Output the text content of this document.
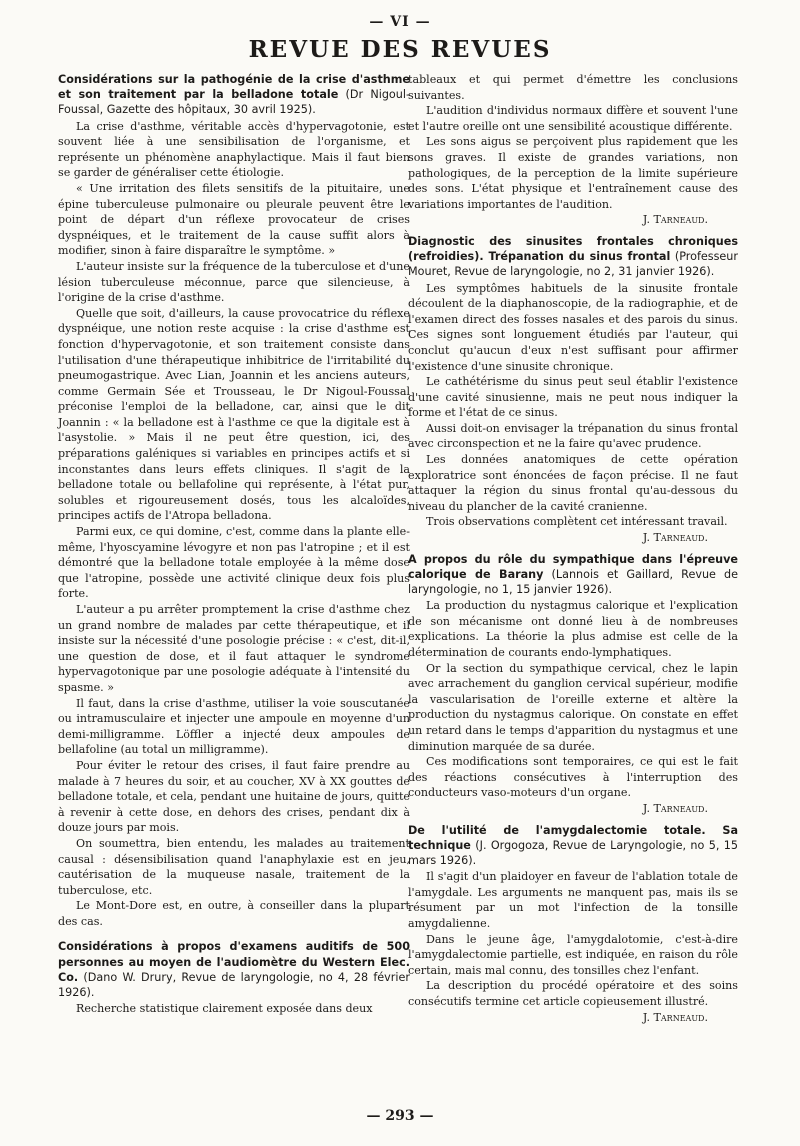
— VI —
REVUE DES REVUES

Considérations sur la pathogénie de la crise d'asthme et son traitement par la belladone totale (Dr Nigoul-Foussal, Gazette des hôpitaux, 30 avril 1925).

La crise d'asthme, véritable accès d'hypervagotonie, est souvent liée à une sensibilisation de l'organisme, et représente un phénomène anaphylactique. Mais il faut bien se garder de généraliser cette étiologie.

« Une irritation des filets sensitifs de la pituitaire, une épine tuberculeuse pulmonaire ou pleurale peuvent être le point de départ d'un réflexe provocateur de crises dyspnéiques, et le traitement de la cause suffit alors à modifier, sinon à faire disparaître le symptôme. »

L'auteur insiste sur la fréquence de la tuberculose et d'une lésion tuberculeuse méconnue, parce que silencieuse, à l'origine de la crise d'asthme.

Quelle que soit, d'ailleurs, la cause provocatrice du réflexe dyspnéique, une notion reste acquise : la crise d'asthme est fonction d'hypervagotonie, et son traitement consiste dans l'utilisation d'une thérapeutique inhibitrice de l'irritabilité du pneumogastrique. Avec Lian, Joannin et les anciens auteurs, comme Germain Sée et Trousseau, le Dr Nigoul-Foussal préconise l'emploi de la belladone, car, ainsi que le dit Joannin : « la belladone est à l'asthme ce que la digitale est à l'asystolie. » Mais il ne peut être question, ici, des préparations galéniques si variables en principes actifs et si inconstantes dans leurs effets cliniques. Il s'agit de la belladone totale ou bellafoline qui représente, à l'état pur, solubles et rigoureusement dosés, tous les alcaloïdes, principes actifs de l'Atropa belladona.

Parmi eux, ce qui domine, c'est, comme dans la plante elle-même, l'hyoscyamine lévogyre et non pas l'atropine ; et il est démontré que la belladone totale employée à la même dose que l'atropine, possède une activité clinique deux fois plus forte.

L'auteur a pu arrêter promptement la crise d'asthme chez un grand nombre de malades par cette thérapeutique, et il insiste sur la nécessité d'une posologie précise : « c'est, dit-il, une question de dose, et il faut attaquer le syndrome hypervagotonique par une posologie adéquate à l'intensité du spasme. »

Il faut, dans la crise d'asthme, utiliser la voie souscutanée ou intramusculaire et injecter une ampoule en moyenne d'un demi-milligramme. Löffler a injecté deux ampoules de bellafoline (au total un milligramme).

Pour éviter le retour des crises, il faut faire prendre au malade à 7 heures du soir, et au coucher, XV à XX gouttes de belladone totale, et cela, pendant une huitaine de jours, quitte à revenir à cette dose, en dehors des crises, pendant dix à douze jours par mois.

On soumettra, bien entendu, les malades au traitement causal : désensibilisation quand l'anaphylaxie est en jeu, cautérisation de la muqueuse nasale, traitement de la tuberculose, etc.

Le Mont-Dore est, en outre, à conseiller dans la plupart des cas.

Considérations à propos d'examens auditifs de 500 personnes au moyen de l'audiomètre du Western Elec. Co. (Dano W. Drury, Revue de laryngologie, no 4, 28 février 1926).

Recherche statistique clairement exposée dans deux

tableaux et qui permet d'émettre les conclusions suivantes.

L'audition d'individus normaux diffère et souvent l'une et l'autre oreille ont une sensibilité acoustique différente.

Les sons aigus se perçoivent plus rapidement que les sons graves. Il existe de grandes variations, non pathologiques, de la perception de la limite supérieure des sons. L'état physique et l'entraînement cause des variations importantes de l'audition.

J. Tarneaud.

Diagnostic des sinusites frontales chroniques (refroidies). Trépanation du sinus frontal (Professeur Mouret, Revue de laryngologie, no 2, 31 janvier 1926).

Les symptômes habituels de la sinusite frontale découlent de la diaphanoscopie, de la radiographie, et de l'examen direct des fosses nasales et des parois du sinus. Ces signes sont longuement étudiés par l'auteur, qui conclut qu'aucun d'eux n'est suffisant pour affirmer l'existence d'une sinusite chronique.

Le cathétérisme du sinus peut seul établir l'existence d'une cavité sinusienne, mais ne peut nous indiquer la forme et l'état de ce sinus.

Aussi doit-on envisager la trépanation du sinus frontal avec circonspection et ne la faire qu'avec prudence.

Les données anatomiques de cette opération exploratrice sont énoncées de façon précise. Il ne faut attaquer la région du sinus frontal qu'au-dessous du niveau du plancher de la cavité cranienne.

Trois observations complètent cet intéressant travail.

J. Tarneaud.

A propos du rôle du sympathique dans l'épreuve calorique de Barany (Lannois et Gaillard, Revue de laryngologie, no 1, 15 janvier 1926).

La production du nystagmus calorique et l'explication de son mécanisme ont donné lieu à de nombreuses explications. La théorie la plus admise est celle de la détermination de courants endo-lymphatiques.

Or la section du sympathique cervical, chez le lapin avec arrachement du ganglion cervical supérieur, modifie la vascularisation de l'oreille externe et altère la production du nystagmus calorique. On constate en effet un retard dans le temps d'apparition du nystagmus et une diminution marquée de sa durée.

Ces modifications sont temporaires, ce qui est le fait des réactions consécutives à l'interruption des conducteurs vaso-moteurs d'un organe.

J. Tarneaud.

De l'utilité de l'amygdalectomie totale. Sa technique (J. Orgogoza, Revue de Laryngologie, no 5, 15 mars 1926).

Il s'agit d'un plaidoyer en faveur de l'ablation totale de l'amygdale. Les arguments ne manquent pas, mais ils se résument par un mot l'infection de la tonsille amygdalienne.

Dans le jeune âge, l'amygdalotomie, c'est-à-dire l'amygdalectomie partielle, est indiquée, en raison du rôle certain, mais mal connu, des tonsilles chez l'enfant.

La description du procédé opératoire et des soins consécutifs termine cet article copieusement illustré.

J. Tarneaud.

— 293 —
